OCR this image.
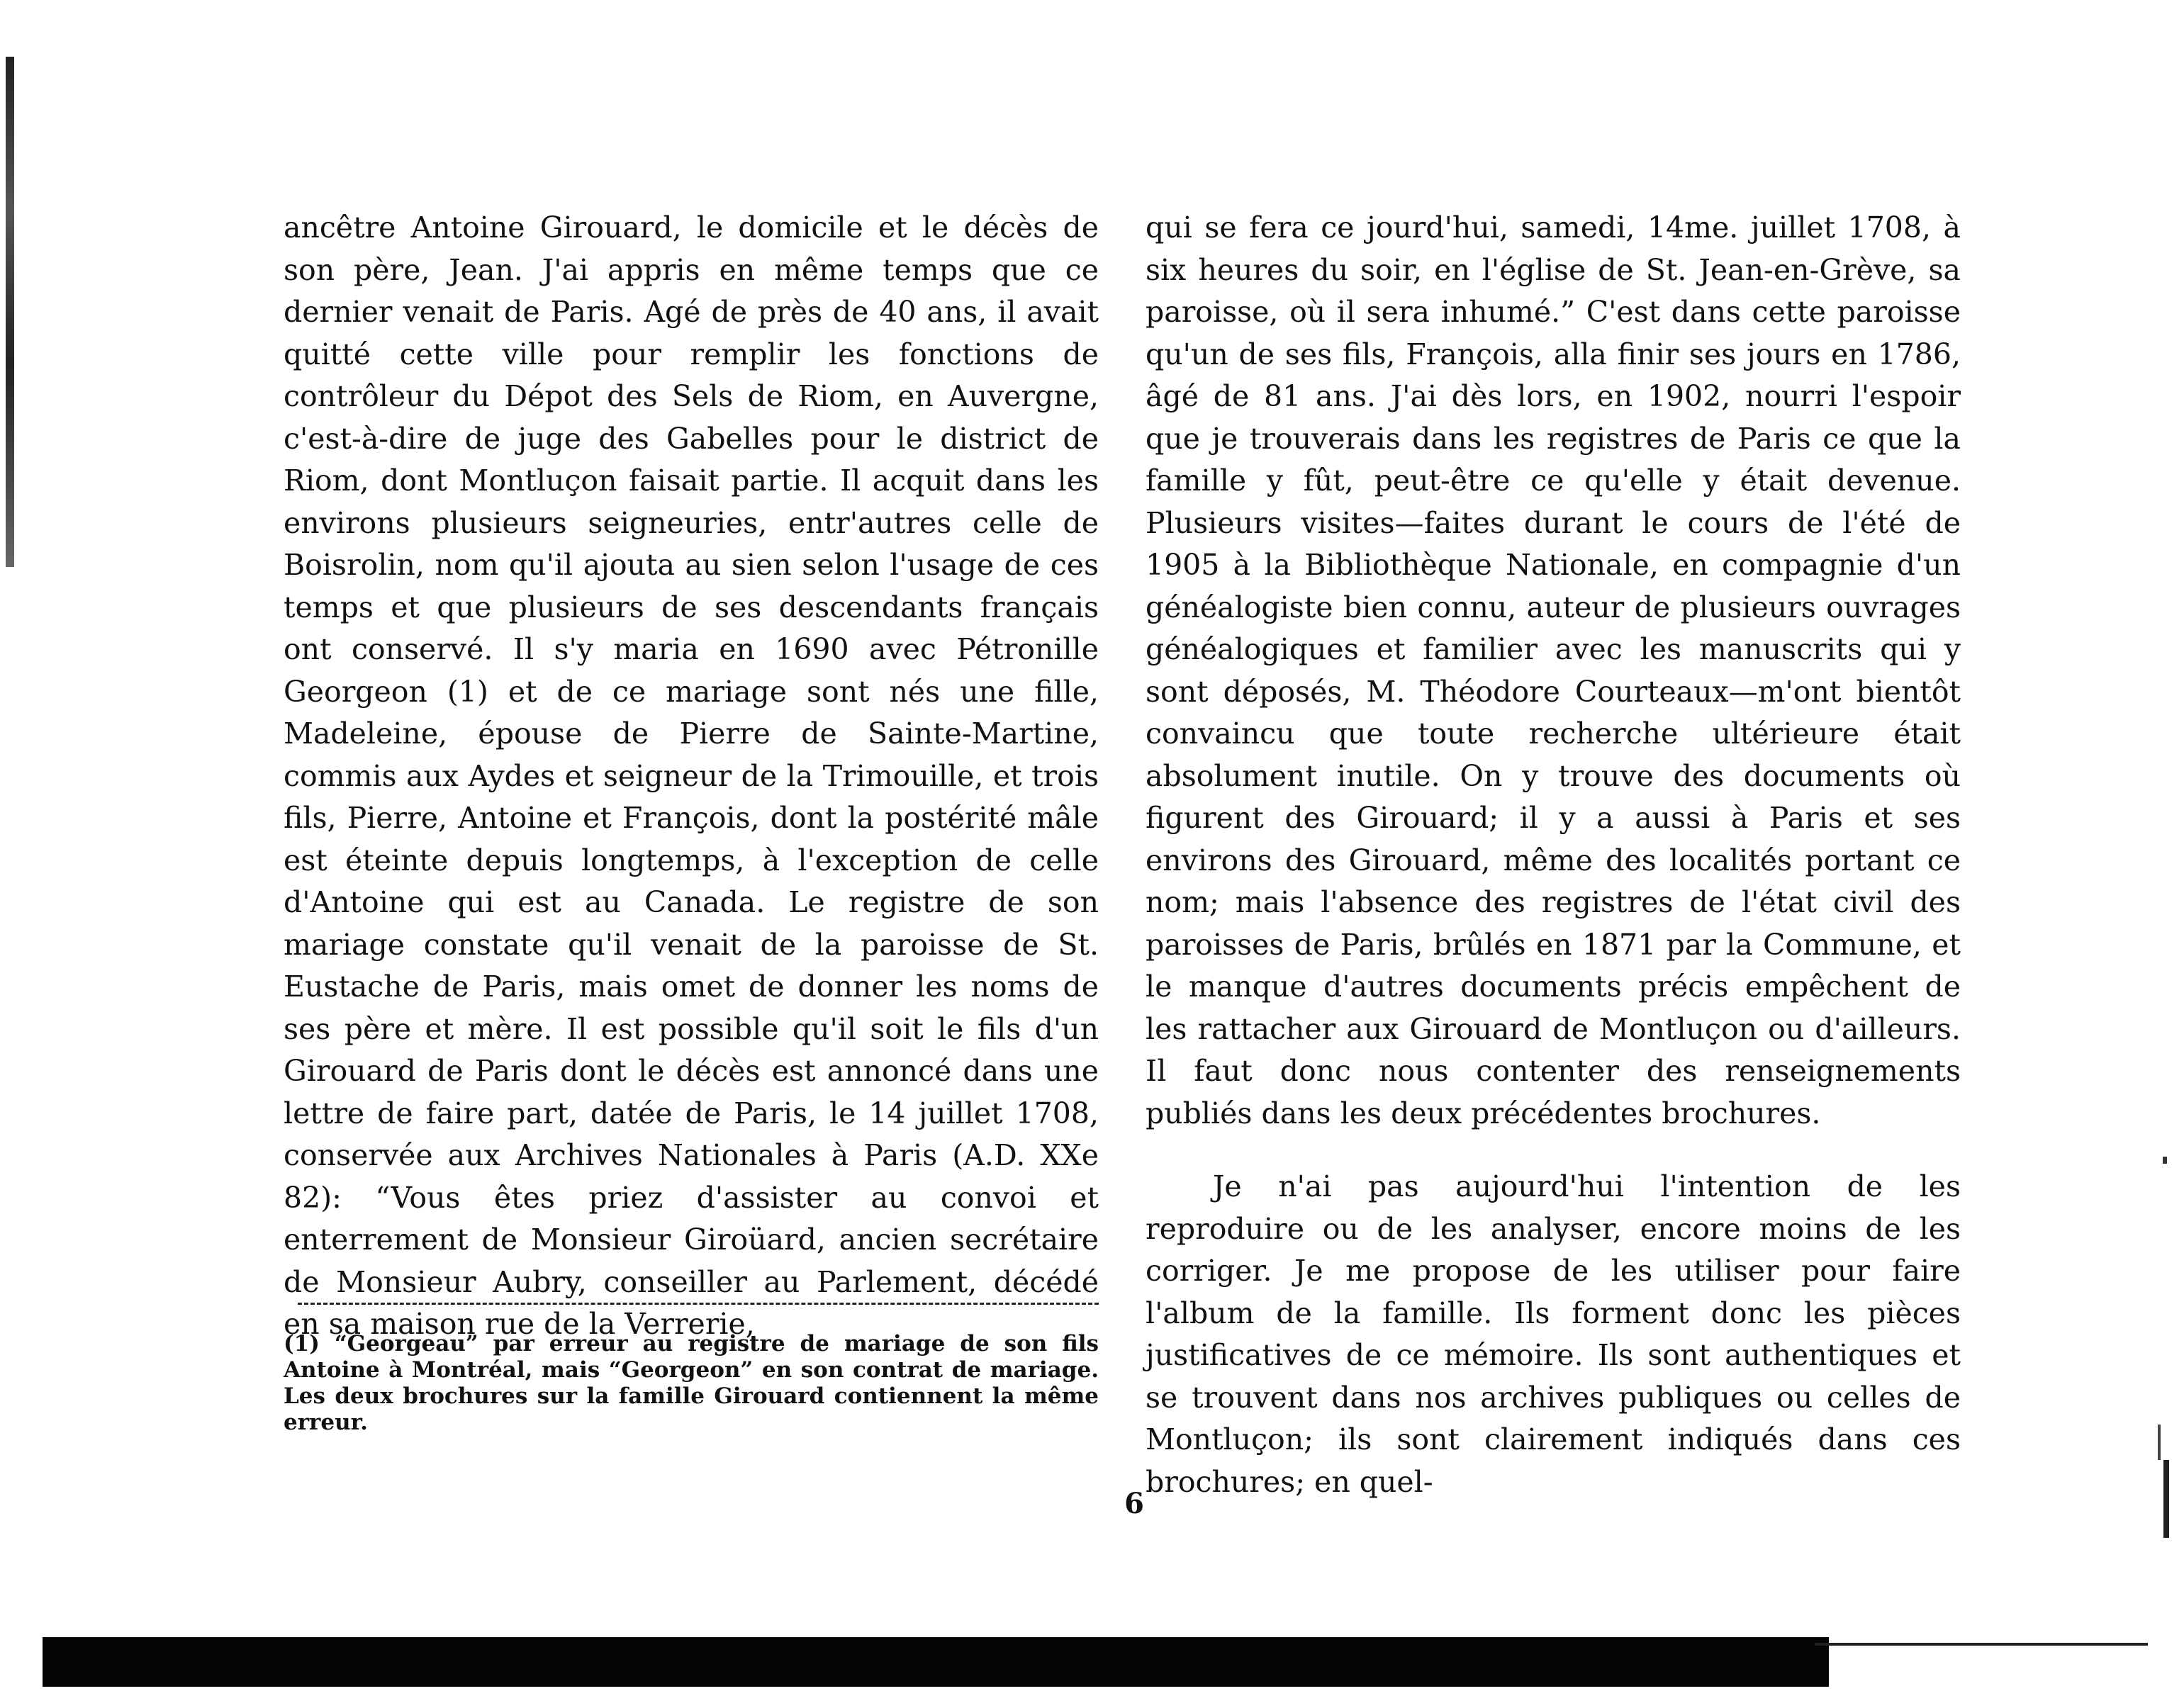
ancêtre Antoine Girouard, le domicile et le décès de son père, Jean. J'ai appris en même temps que ce dernier venait de Paris. Agé de près de 40 ans, il avait quitté cette ville pour remplir les fonctions de contrôleur du Dépot des Sels de Riom, en Auvergne, c'est-à-dire de juge des Gabelles pour le district de Riom, dont Montluçon faisait partie. Il acquit dans les environs plusieurs seigneuries, entr'autres celle de Boisrolin, nom qu'il ajouta au sien selon l'usage de ces temps et que plusieurs de ses descendants français ont conservé. Il s'y maria en 1690 avec Pétronille Georgeon (1) et de ce mariage sont nés une fille, Madeleine, épouse de Pierre de Sainte-Martine, commis aux Aydes et seigneur de la Trimouille, et trois fils, Pierre, Antoine et François, dont la postérité mâle est éteinte depuis longtemps, à l'exception de celle d'Antoine qui est au Canada. Le registre de son mariage constate qu'il venait de la paroisse de St. Eustache de Paris, mais omet de donner les noms de ses père et mère. Il est possible qu'il soit le fils d'un Girouard de Paris dont le décès est annoncé dans une lettre de faire part, datée de Paris, le 14 juillet 1708, conservée aux Archives Nationales à Paris (A.D. XXe 82): “Vous êtes priez d'assister au convoi et enterrement de Monsieur Giroüard, ancien secrétaire de Monsieur Aubry, conseiller au Parlement, décédé en sa maison rue de la Verrerie,

(1) “Georgeau” par erreur au registre de mariage de son fils Antoine à Montréal, mais “Georgeon” en son contrat de mariage. Les deux brochures sur la famille Girouard contiennent la même erreur.

qui se fera ce jourd'hui, samedi, 14me. juillet 1708, à six heures du soir, en l'église de St. Jean-en-Grève, sa paroisse, où il sera inhumé.” C'est dans cette paroisse qu'un de ses fils, François, alla finir ses jours en 1786, âgé de 81 ans. J'ai dès lors, en 1902, nourri l'espoir que je trouverais dans les registres de Paris ce que la famille y fût, peut-être ce qu'elle y était devenue. Plusieurs visites—faites durant le cours de l'été de 1905 à la Bibliothèque Nationale, en compagnie d'un généalogiste bien connu, auteur de plusieurs ouvrages généalogiques et familier avec les manuscrits qui y sont déposés, M. Théodore Courteaux—m'ont bientôt convaincu que toute recherche ultérieure était absolument inutile. On y trouve des documents où figurent des Girouard; il y a aussi à Paris et ses environs des Girouard, même des localités portant ce nom; mais l'absence des registres de l'état civil des paroisses de Paris, brûlés en 1871 par la Commune, et le manque d'autres documents précis empêchent de les rattacher aux Girouard de Montluçon ou d'ailleurs. Il faut donc nous contenter des renseignements publiés dans les deux précédentes brochures.

Je n'ai pas aujourd'hui l'intention de les reproduire ou de les analyser, encore moins de les corriger. Je me propose de les utiliser pour faire l'album de la famille. Ils forment donc les pièces justificatives de ce mémoire. Ils sont authentiques et se trouvent dans nos archives publiques ou celles de Montluçon; ils sont clairement indiqués dans ces brochures; en quel-

6
